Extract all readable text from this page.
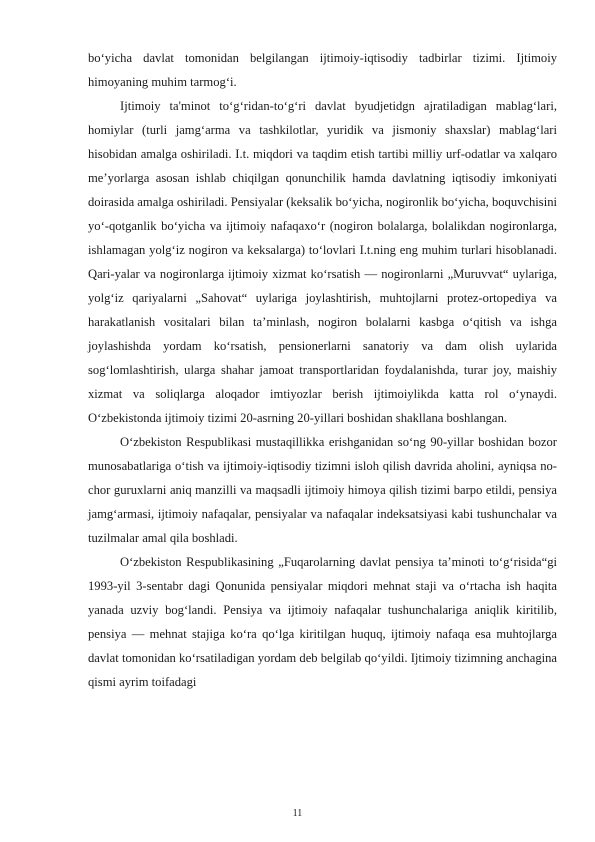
bo‘yicha davlat tomonidan belgilangan ijtimoiy-iqtisodiy tadbirlar tizimi. Ijtimoiy himoyaning muhim tarmog‘i.

Ijtimoiy ta'minot to‘g‘ridan-to‘g‘ri davlat byudjetidgn ajratiladigan mablag‘lari, homiylar (turli jamg‘arma va tashkilotlar, yuridik va jismoniy shaxslar) mablag‘lari hisobidan amalga oshiriladi. I.t. miqdori va taqdim etish tartibi milliy urf-odatlar va xalqaro me’yorlarga asosan ishlab chiqilgan qonunchilik hamda davlatning iqtisodiy imkoniyati doirasida amalga oshiriladi. Pensiyalar (keksalik bo‘yicha, nogironlik bo‘yicha, boquvchisini yo‘-qotganlik bo‘yicha va ijtimoiy nafaqaxo‘r (nogiron bolalarga, bolalikdan nogironlarga, ishlamagan yolg‘iz nogiron va keksalarga) to‘lovlari I.t.ning eng muhim turlari hisoblanadi. Qari-yalar va nogironlarga ijtimoiy xizmat ko‘rsatish — nogironlarni „Muruvvat“ uylariga, yolg‘iz qariyalarni „Sahovat“ uylariga joylashtirish, muhtojlarni protez-ortopediya va harakatlanish vositalari bilan ta’minlash, nogiron bolalarni kasbga o‘qitish va ishga joylashishda yordam ko‘rsatish, pensionerlarni sanatoriy va dam olish uylarida sog‘lomlashtirish, ularga shahar jamoat transportlaridan foydalanishda, turar joy, maishiy xizmat va soliqlarga aloqador imtiyozlar berish ijtimoiylikda katta rol o‘ynaydi. O‘zbekistonda ijtimoiy tizimi 20-asrning 20-yillari boshidan shakllana boshlangan.

O‘zbekiston Respublikasi mustaqillikka erishganidan so‘ng 90-yillar boshidan bozor munosabatlariga o‘tish va ijtimoiy-iqtisodiy tizimni isloh qilish davrida aholini, ayniqsa no-chor guruxlarni aniq manzilli va maqsadli ijtimoiy himoya qilish tizimi barpo etildi, pensiya jamg‘armasi, ijtimoiy nafaqalar, pensiyalar va nafaqalar indeksatsiyasi kabi tushunchalar va tuzilmalar amal qila boshladi.

O‘zbekiston Respublikasining „Fuqarolarning davlat pensiya ta’minoti to‘g‘risida“gi 1993-yil 3-sentabr dagi Qonunida pensiyalar miqdori mehnat staji va o‘rtacha ish haqita yanada uzviy bog‘landi. Pensiya va ijtimoiy nafaqalar tushunchalariga aniqlik kiritilib, pensiya — mehnat stajiga ko‘ra qo‘lga kiritilgan huquq, ijtimoiy nafaqa esa muhtojlarga davlat tomonidan ko‘rsatiladigan yordam deb belgilab qo‘yildi. Ijtimoiy tizimning anchagina qismi ayrim toifadagi

11
